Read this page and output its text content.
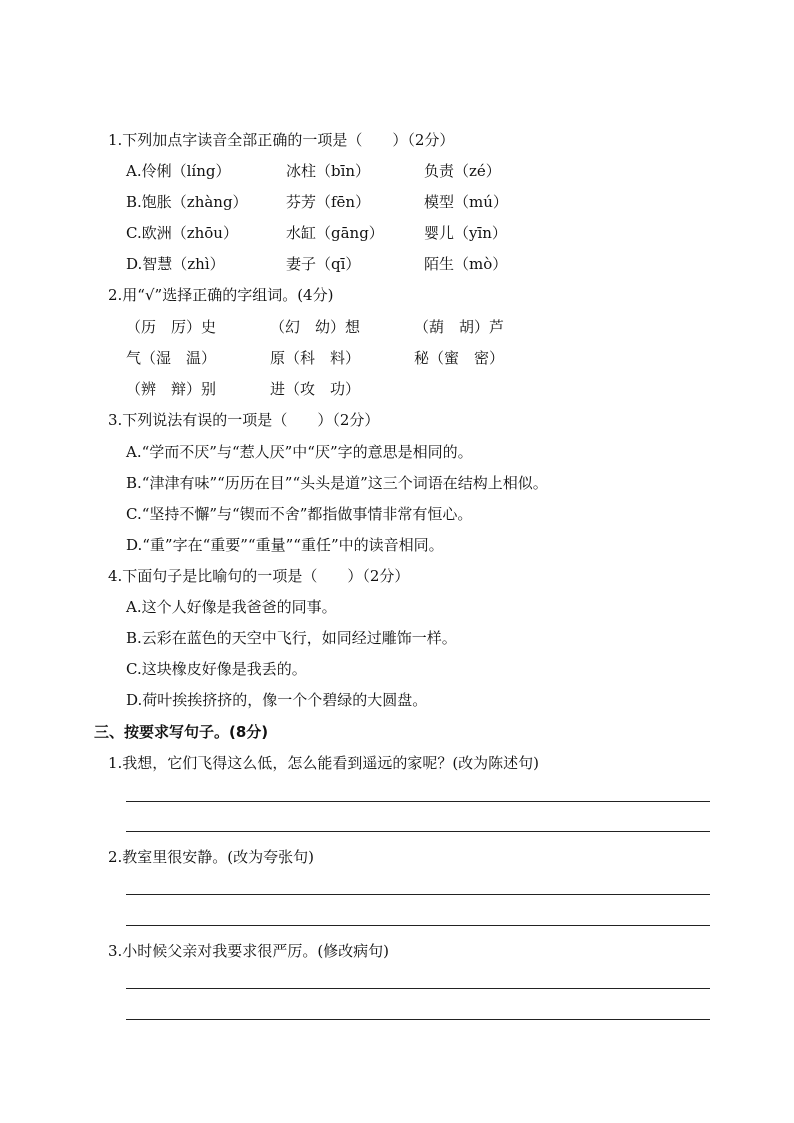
1.下列加点字读音全部正确的一项是（　　）（2分）
A.伶俐（líng）	冰柱（bīn）	负责（zé）
B.饱胀（zhàng）	芬芳（fēn）	模型（mú）
C.欧洲（zhōu）	水缸（gāng）	婴儿（yīn）
D.智慧（zhì）	妻子（qī）	陌生（mò）
2.用“√”选择正确的字组词。(4分)
（历　厉）史	（幻　幼）想	（葫　胡）芦
气（湿　温）	原（科　料）	秘（蜜　密）
（辨　辩）别	进（攻　功）
3.下列说法有误的一项是（　　）（2分）
A.“学而不厌”与“惹人厌”中“厌”字的意思是相同的。
B.“津津有味”“历历在目”“头头是道”这三个词语在结构上相似。
C.“坚持不懈”与“锲而不舍”都指做事情非常有恒心。
D.“重”字在“重要”“重量”“重任”中的读音相同。
4.下面句子是比喻句的一项是（　　）（2分）
A.这个人好像是我爸爸的同事。
B.云彩在蓝色的天空中飞行，如同经过雕饰一样。
C.这块橡皮好像是我丢的。
D.荷叶挨挨挤挤的，像一个个碧绿的大圆盘。
三、按要求写句子。(8分)
1.我想，它们飞得这么低，怎么能看到遥远的家呢？(改为陈述句)
2.教室里很安静。(改为夸张句)
3.小时候父亲对我要求很严厉。(修改病句)
